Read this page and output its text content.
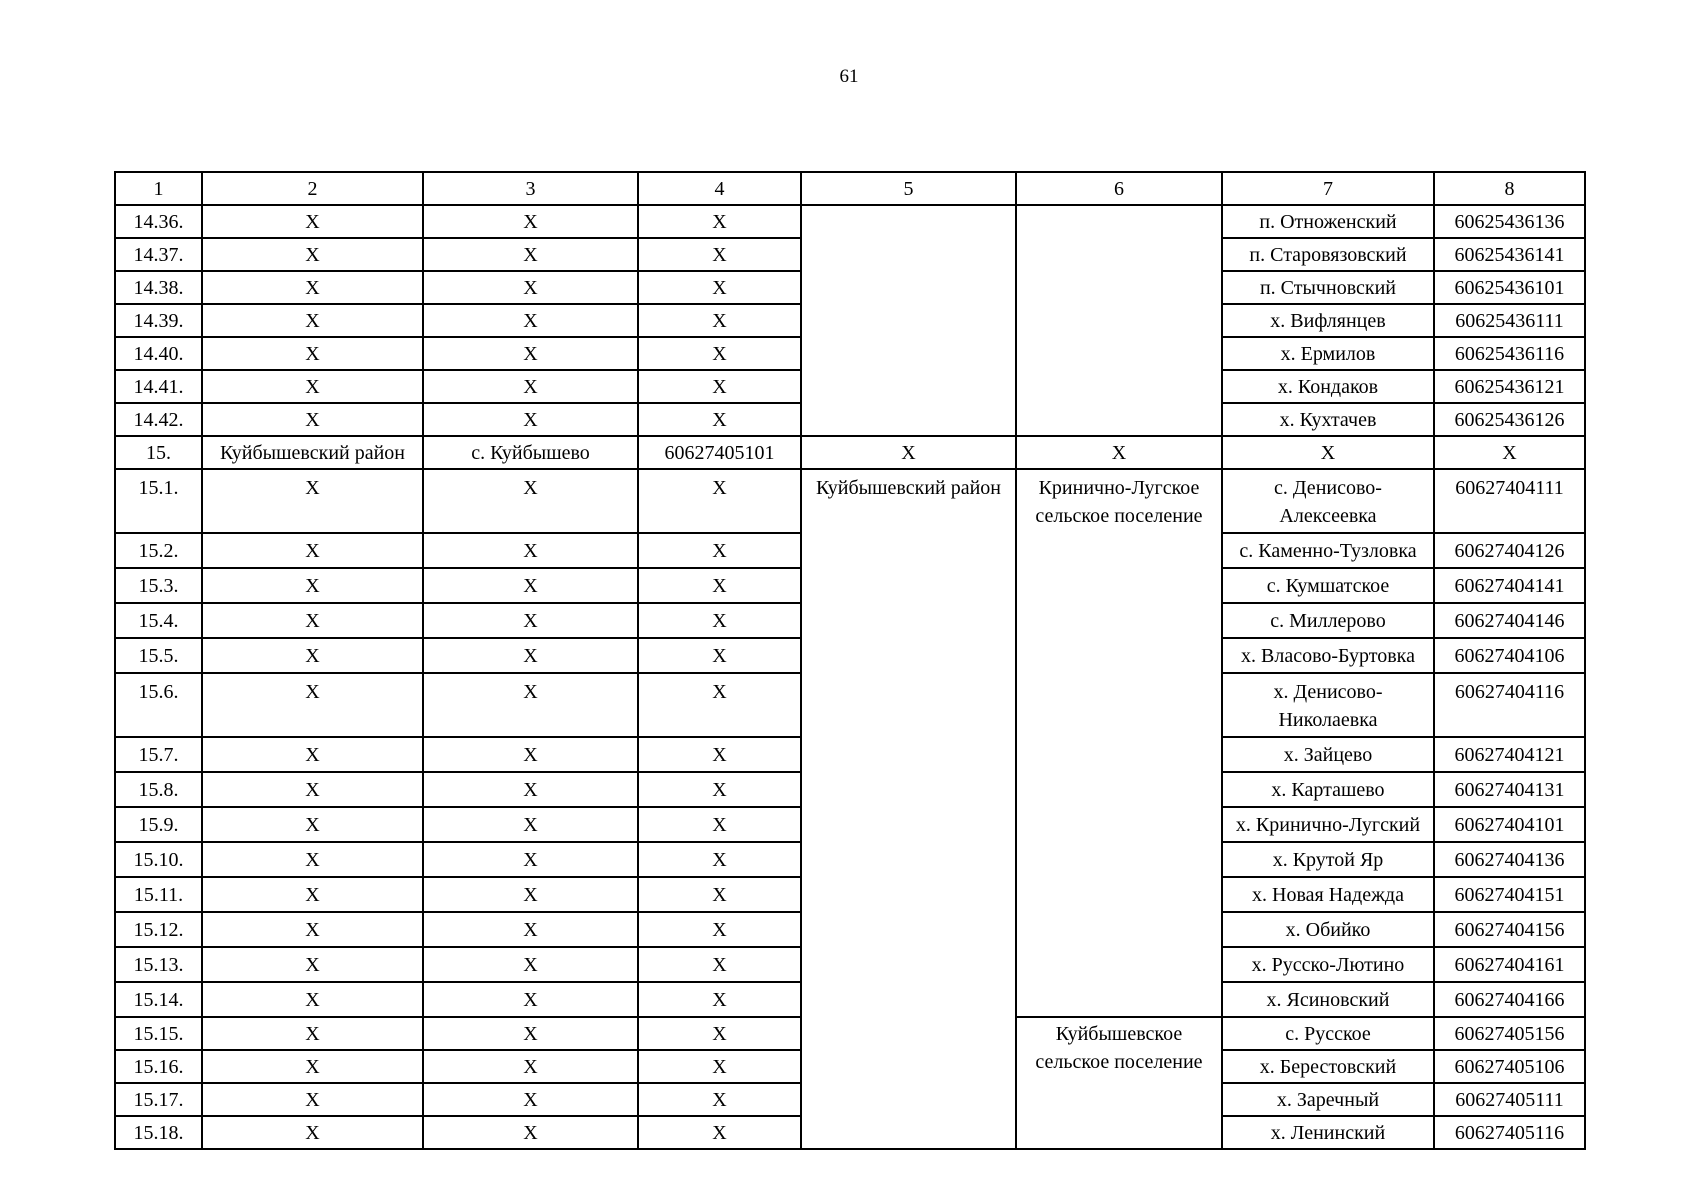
61
1	2	3	4	5	6	7	8
14.36.	X	X	X			п. Отноженский	60625436136
14.37.	X	X	X			п. Старовязовский	60625436141
14.38.	X	X	X			п. Стычновский	60625436101
14.39.	X	X	X			х. Вифлянцев	60625436111
14.40.	X	X	X			х. Ермилов	60625436116
14.41.	X	X	X			х. Кондаков	60625436121
14.42.	X	X	X			х. Кухтачев	60625436126
15.	Куйбышевский район	с. Куйбышево	60627405101	X	X	X	X
15.1.	X	X	X	Куйбышевский район	Кринично-Лугское сельское поселение	с. Денисово-Алексеевка	60627404111
15.2.	X	X	X			с. Каменно-Тузловка	60627404126
15.3.	X	X	X			с. Кумшатское	60627404141
15.4.	X	X	X			с. Миллерово	60627404146
15.5.	X	X	X			х. Власово-Буртовка	60627404106
15.6.	X	X	X			х. Денисово-Николаевка	60627404116
15.7.	X	X	X			х. Зайцево	60627404121
15.8.	X	X	X			х. Карташево	60627404131
15.9.	X	X	X			х. Кринично-Лугский	60627404101
15.10.	X	X	X			х. Крутой Яр	60627404136
15.11.	X	X	X			х. Новая Надежда	60627404151
15.12.	X	X	X			х. Обийко	60627404156
15.13.	X	X	X			х. Русско-Лютино	60627404161
15.14.	X	X	X			х. Ясиновский	60627404166
15.15.	X	X	X		Куйбышевское сельское поселение	с. Русское	60627405156
15.16.	X	X	X			х. Берестовский	60627405106
15.17.	X	X	X			х. Заречный	60627405111
15.18.	X	X	X			х. Ленинский	60627405116
